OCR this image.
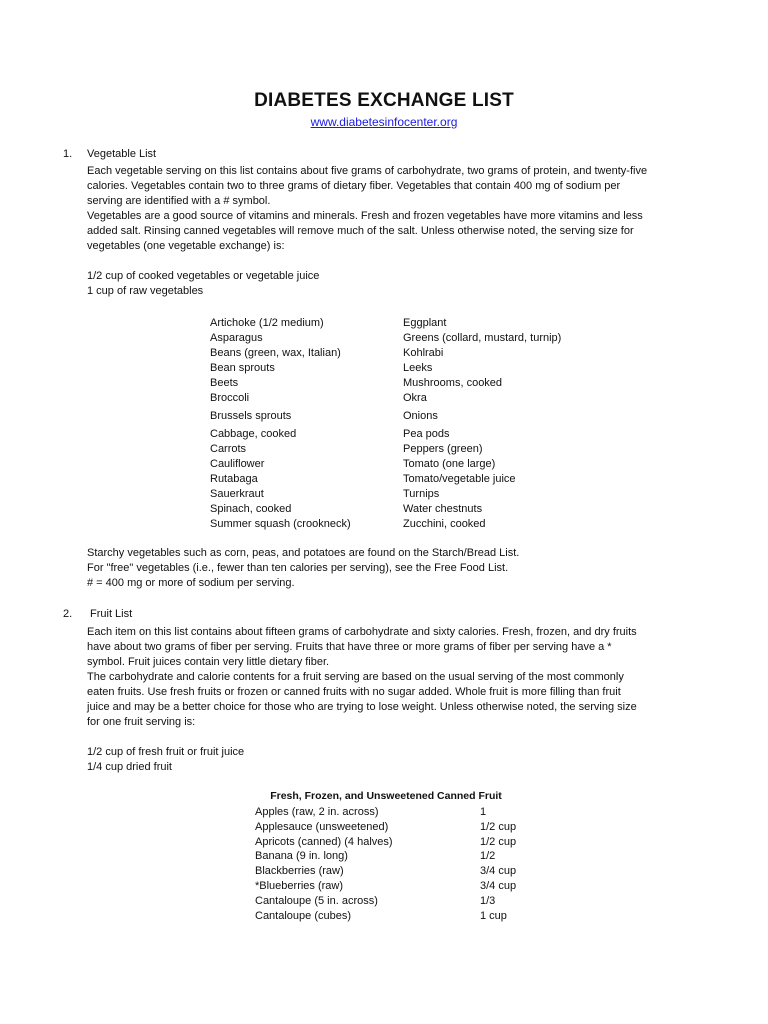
DIABETES EXCHANGE LIST
www.diabetesinfocenter.org
1. Vegetable List
Each vegetable serving on this list contains about five grams of carbohydrate, two grams of protein, and twenty-five
calories. Vegetables contain two to three grams of dietary fiber. Vegetables that contain 400 mg of sodium per
serving are identified with a # symbol.
Vegetables are a good source of vitamins and minerals. Fresh and frozen vegetables have more vitamins and less
added salt. Rinsing canned vegetables will remove much of the salt. Unless otherwise noted, the serving size for
vegetables (one vegetable exchange) is:
1/2 cup of cooked vegetables or vegetable juice
1 cup of raw vegetables
Artichoke (1/2 medium)
Asparagus
Beans (green, wax, Italian)
Bean sprouts
Beets
Broccoli
Brussels sprouts
Cabbage, cooked
Carrots
Cauliflower
Rutabaga
Sauerkraut
Spinach, cooked
Summer squash (crookneck)
Eggplant
Greens (collard, mustard, turnip)
Kohlrabi
Leeks
Mushrooms, cooked
Okra
Onions
Pea pods
Peppers (green)
Tomato (one large)
Tomato/vegetable juice
Turnips
Water chestnuts
Zucchini, cooked
Starchy vegetables such as corn, peas, and potatoes are found on the Starch/Bread List.
For "free" vegetables (i.e., fewer than ten calories per serving), see the Free Food List.
# = 400 mg or more of sodium per serving.
2. Fruit List
Each item on this list contains about fifteen grams of carbohydrate and sixty calories. Fresh, frozen, and dry fruits
have about two grams of fiber per serving. Fruits that have three or more grams of fiber per serving have a *
symbol. Fruit juices contain very little dietary fiber.
The carbohydrate and calorie contents for a fruit serving are based on the usual serving of the most commonly
eaten fruits. Use fresh fruits or frozen or canned fruits with no sugar added. Whole fruit is more filling than fruit
juice and may be a better choice for those who are trying to lose weight. Unless otherwise noted, the serving size
for one fruit serving is:
1/2 cup of fresh fruit or fruit juice
1/4 cup dried fruit
Fresh, Frozen, and Unsweetened Canned Fruit
Apples (raw, 2 in. across)
Applesauce (unsweetened)
Apricots (canned) (4 halves)
Banana (9 in. long)
Blackberries (raw)
*Blueberries (raw)
Cantaloupe (5 in. across)
Cantaloupe (cubes)
1
1/2 cup
1/2 cup
1/2
3/4 cup
3/4 cup
1/3
1 cup
